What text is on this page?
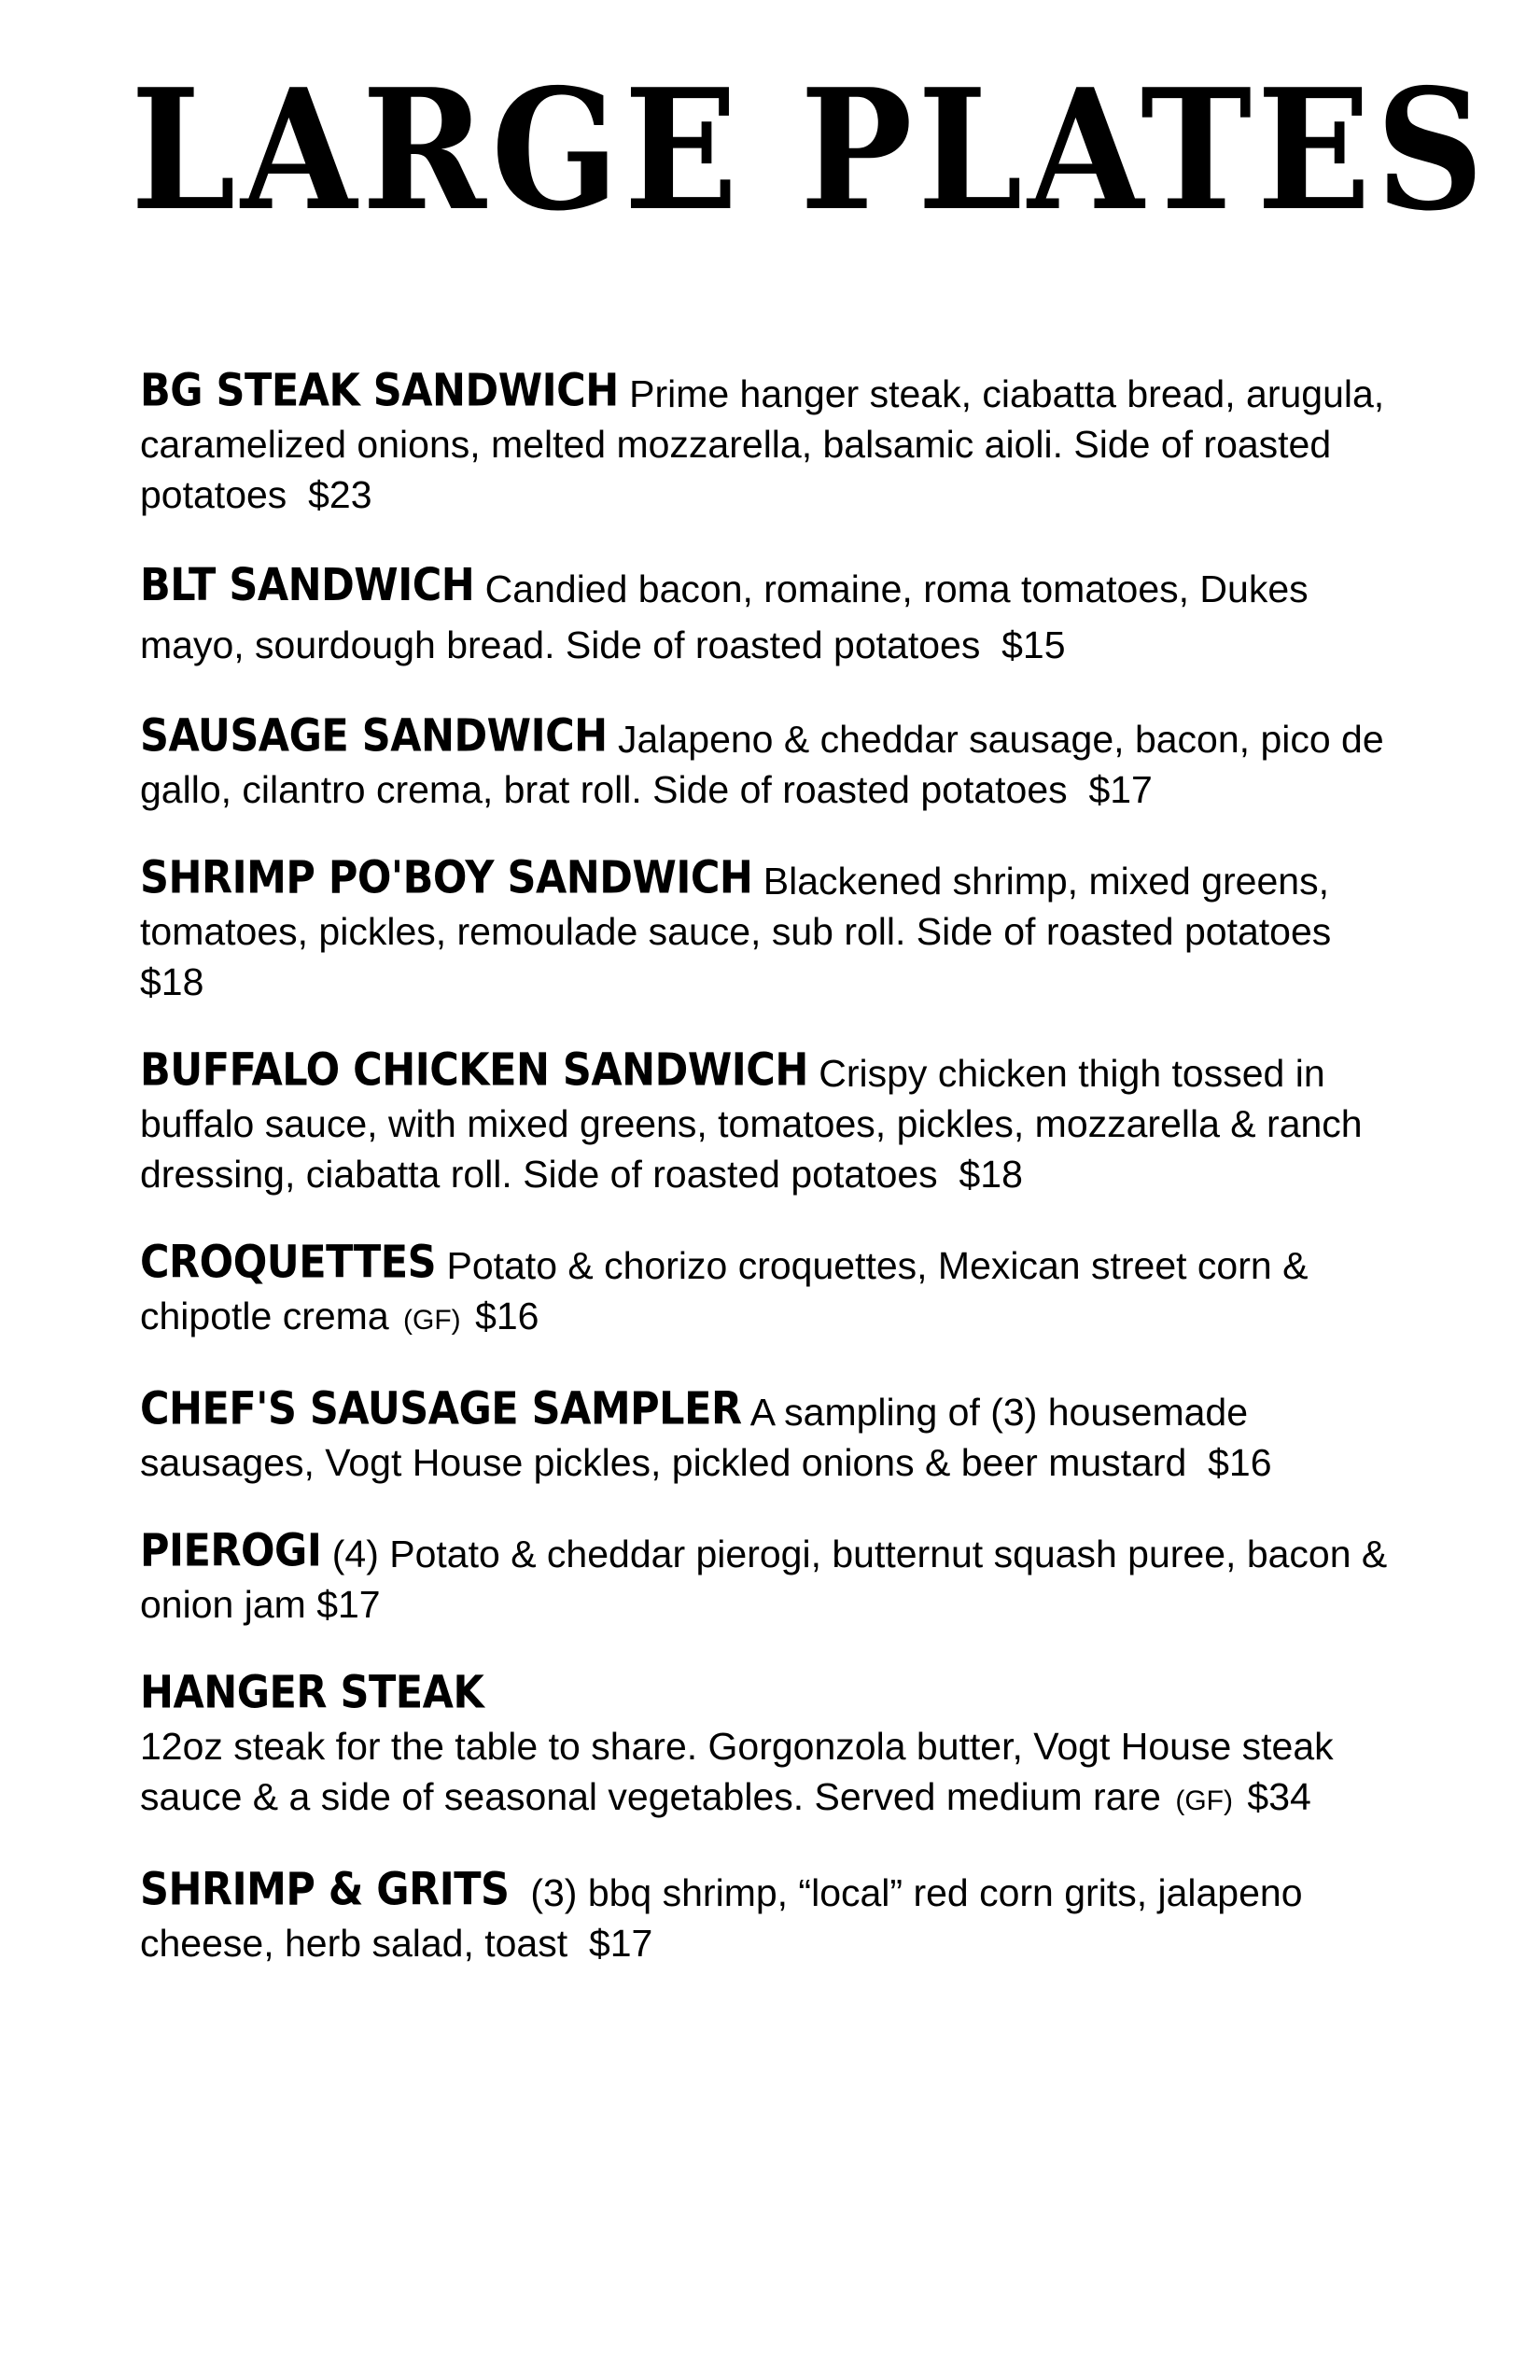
LARGE PLATES
BG STEAK SANDWICH Prime hanger steak, ciabatta bread, arugula, caramelized onions, melted mozzarella, balsamic aioli. Side of roasted potatoes $23
BLT SANDWICH Candied bacon, romaine, roma tomatoes, Dukes mayo, sourdough bread. Side of roasted potatoes $15
SAUSAGE SANDWICH Jalapeno & cheddar sausage, bacon, pico de gallo, cilantro crema, brat roll. Side of roasted potatoes $17
SHRIMP PO'BOY SANDWICH Blackened shrimp, mixed greens, tomatoes, pickles, remoulade sauce, sub roll. Side of roasted potatoes  $18
BUFFALO CHICKEN SANDWICH Crispy chicken thigh tossed in buffalo sauce, with mixed greens, tomatoes, pickles, mozzarella & ranch dressing, ciabatta roll. Side of roasted potatoes $18
CROQUETTES Potato & chorizo croquettes, Mexican street corn & chipotle crema (GF) $16
CHEF'S SAUSAGE SAMPLER A sampling of (3) housemade sausages, Vogt House pickles, pickled onions & beer mustard $16
PIEROGI (4) Potato & cheddar pierogi, butternut squash puree, bacon & onion jam $17
HANGER STEAK
12oz steak for the table to share. Gorgonzola butter, Vogt House steak sauce & a side of seasonal vegetables. Served medium rare (GF) $34
SHRIMP & GRITS (3) bbq shrimp, “local” red corn grits, jalapeno cheese, herb salad, toast $17
